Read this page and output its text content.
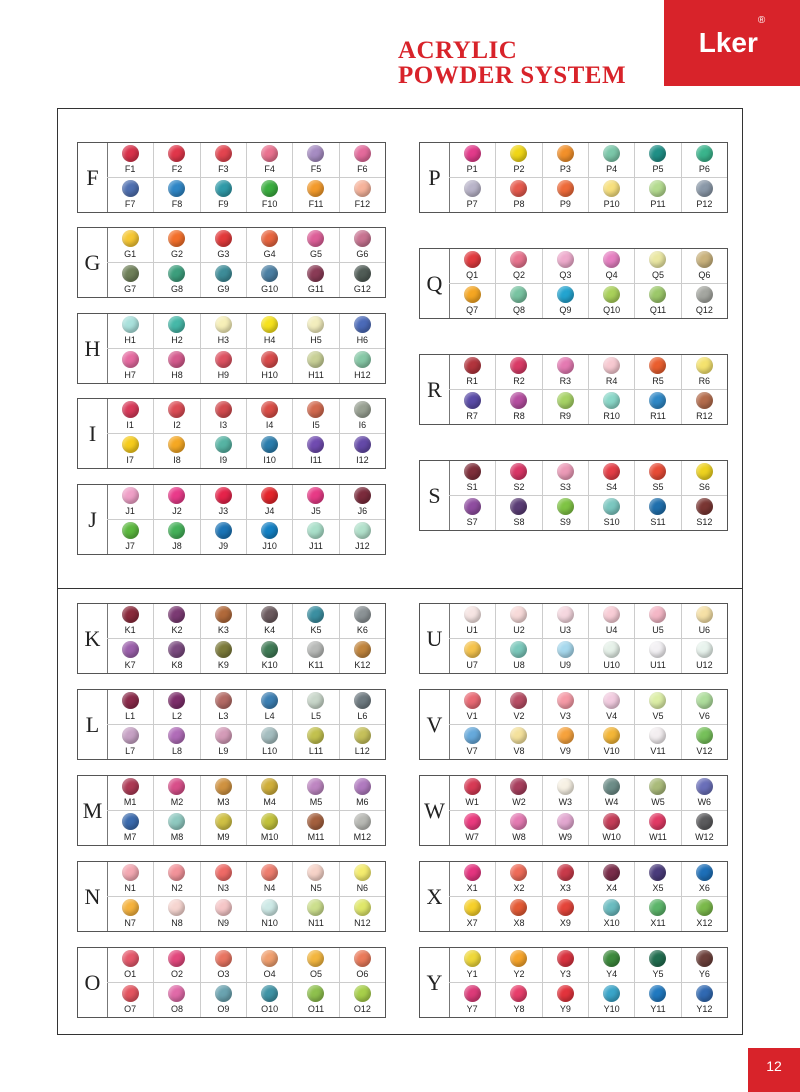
ACRYLIC
POWDER SYSTEM
Lker®
F	F1	F2	F3	F4	F5	F6
F7	F8	F9	F10	F11	F12
G	G1	G2	G3	G4	G5	G6
G7	G8	G9	G10	G11	G12
H	H1	H2	H3	H4	H5	H6
H7	H8	H9	H10	H11	H12
I	I1	I2	I3	I4	I5	I6
I7	I8	I9	I10	I11	I12
J	J1	J2	J3	J4	J5	J6
J7	J8	J9	J10	J11	J12
P	P1	P2	P3	P4	P5	P6
P7	P8	P9	P10	P11	P12
Q	Q1	Q2	Q3	Q4	Q5	Q6
Q7	Q8	Q9	Q10	Q11	Q12
R	R1	R2	R3	R4	R5	R6
R7	R8	R9	R10	R11	R12
S	S1	S2	S3	S4	S5	S6
S7	S8	S9	S10	S11	S12
K	K1	K2	K3	K4	K5	K6
K7	K8	K9	K10	K11	K12
L	L1	L2	L3	L4	L5	L6
L7	L8	L9	L10	L11	L12
M	M1	M2	M3	M4	M5	M6
M7	M8	M9	M10	M11	M12
N	N1	N2	N3	N4	N5	N6
N7	N8	N9	N10	N11	N12
O	O1	O2	O3	O4	O5	O6
O7	O8	O9	O10	O11	O12
U	U1	U2	U3	U4	U5	U6
U7	U8	U9	U10	U11	U12
V	V1	V2	V3	V4	V5	V6
V7	V8	V9	V10	V11	V12
W	W1	W2	W3	W4	W5	W6
W7	W8	W9	W10	W11	W12
X	X1	X2	X3	X4	X5	X6
X7	X8	X9	X10	X11	X12
Y	Y1	Y2	Y3	Y4	Y5	Y6
Y7	Y8	Y9	Y10	Y11	Y12
12
